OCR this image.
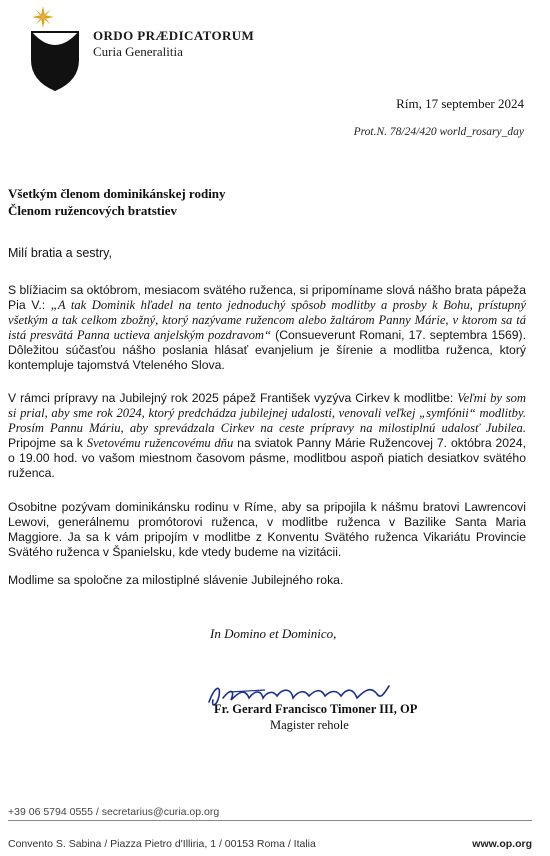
ORDO PRÆDICATORUM
Curia Generalitia
Rím, 17 september 2024
Prot.N. 78/24/420 world_rosary_day
Všetkým členom dominikánskej rodiny
Členom ružencových bratstiev
Milí bratia a sestry,

S blížiacim sa októbrom, mesiacom svätého ruženca, si pripomíname slová nášho brata pápeža Pia V.: „A tak Dominik hľadel na tento jednoduchý spôsob modlitby a prosby k Bohu, prístupný všetkým a tak celkom zbožný, ktorý nazývame ružencom alebo žaltárom Panny Márie, v ktorom sa tá istá presvätá Panna uctieva anjelským pozdravom“ (Consueverunt Romani, 17. septembra 1569). Dôležitou súčasťou nášho poslania hlásať evanjelium je šírenie a modlitba ruženca, ktorý kontempluje tajomstvá Vteleného Slova.

V rámci prípravy na Jubilejný rok 2025 pápež František vyzýva Cirkev k modlitbe: Veľmi by som si prial, aby sme rok 2024, ktorý predchádza jubilejnej udalosti, venovali veľkej „symfónii“ modlitby. Prosím Pannu Máriu, aby sprevádzala Cirkev na ceste prípravy na milostiplnú udalosť Jubilea. Pripojme sa k Svetovému ružencovému dňu na sviatok Panny Márie Ružencovej 7. októbra 2024, o 19.00 hod. vo vašom miestnom časovom pásme, modlitbou aspoň piatich desiatkov svätého ruženca.

Osobitne pozývam dominikánsku rodinu v Ríme, aby sa pripojila k nášmu bratovi Lawrencovi Lewovi, generálnemu promótorovi ruženca, v modlitbe ruženca v Bazilike Santa Maria Maggiore. Ja sa k vám pripojím v modlitbe z Konventu Svätého ruženca Vikariátu Provincie Svätého ruženca v Španielsku, kde vtedy budeme na vizitácii.

Modlime sa spoločne za milostiplné slávenie Jubilejného roka.

In Domino et Dominico,
Fr. Gerard Francisco Timoner III, OP
Magister rehole
+39 06 5794 0555 / secretarius@curia.op.org
Convento S. Sabina / Piazza Pietro d'Illiria, 1 / 00153 Roma / Italia	www.op.org
